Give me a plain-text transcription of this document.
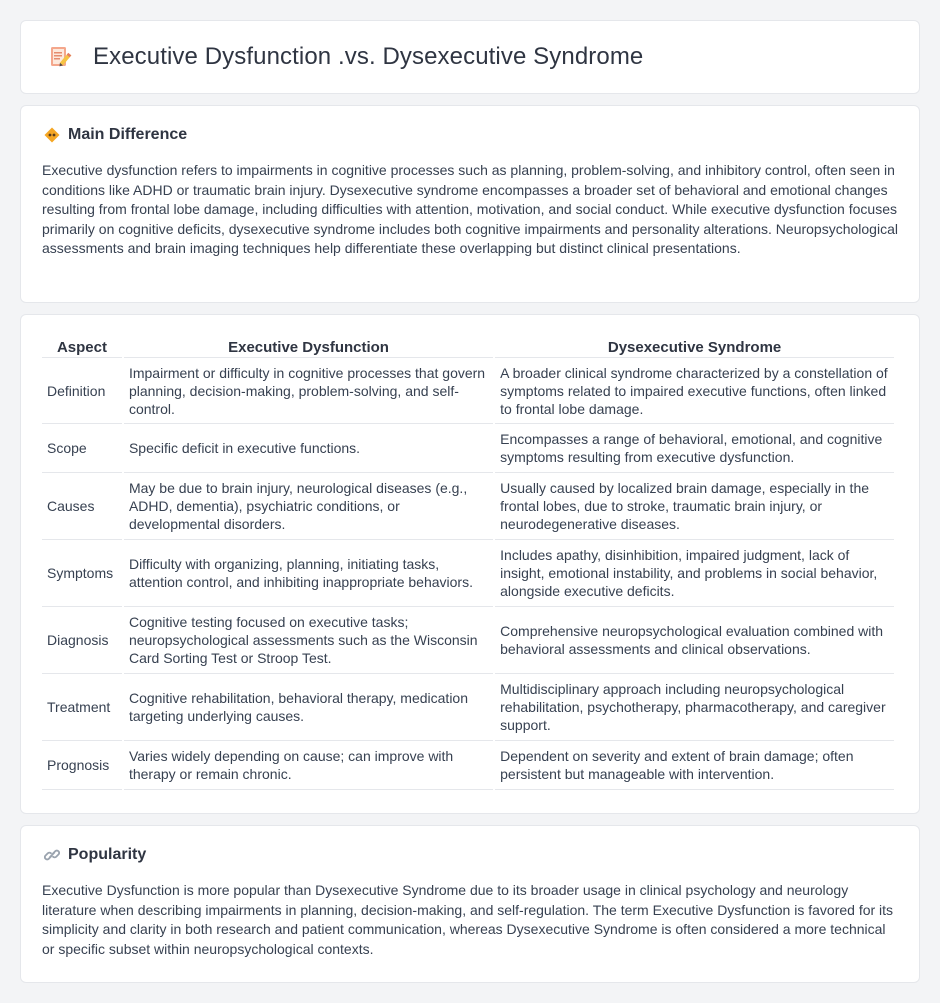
Executive Dysfunction .vs. Dysexecutive Syndrome
Main Difference

Executive dysfunction refers to impairments in cognitive processes such as planning, problem-solving, and inhibitory control, often seen in conditions like ADHD or traumatic brain injury. Dysexecutive syndrome encompasses a broader set of behavioral and emotional changes resulting from frontal lobe damage, including difficulties with attention, motivation, and social conduct. While executive dysfunction focuses primarily on cognitive deficits, dysexecutive syndrome includes both cognitive impairments and personality alterations. Neuropsychological assessments and brain imaging techniques help differentiate these overlapping but distinct clinical presentations.

Aspect	Executive Dysfunction	Dysexecutive Syndrome
Definition	Impairment or difficulty in cognitive processes that govern planning, decision-making, problem-solving, and self-control.	A broader clinical syndrome characterized by a constellation of symptoms related to impaired executive functions, often linked to frontal lobe damage.
Scope	Specific deficit in executive functions.	Encompasses a range of behavioral, emotional, and cognitive symptoms resulting from executive dysfunction.
Causes	May be due to brain injury, neurological diseases (e.g., ADHD, dementia), psychiatric conditions, or developmental disorders.	Usually caused by localized brain damage, especially in the frontal lobes, due to stroke, traumatic brain injury, or neurodegenerative diseases.
Symptoms	Difficulty with organizing, planning, initiating tasks, attention control, and inhibiting inappropriate behaviors.	Includes apathy, disinhibition, impaired judgment, lack of insight, emotional instability, and problems in social behavior, alongside executive deficits.
Diagnosis	Cognitive testing focused on executive tasks; neuropsychological assessments such as the Wisconsin Card Sorting Test or Stroop Test.	Comprehensive neuropsychological evaluation combined with behavioral assessments and clinical observations.
Treatment	Cognitive rehabilitation, behavioral therapy, medication targeting underlying causes.	Multidisciplinary approach including neuropsychological rehabilitation, psychotherapy, pharmacotherapy, and caregiver support.
Prognosis	Varies widely depending on cause; can improve with therapy or remain chronic.	Dependent on severity and extent of brain damage; often persistent but manageable with intervention.
Popularity

Executive Dysfunction is more popular than Dysexecutive Syndrome due to its broader usage in clinical psychology and neurology literature when describing impairments in planning, decision-making, and self-regulation. The term Executive Dysfunction is favored for its simplicity and clarity in both research and patient communication, whereas Dysexecutive Syndrome is often considered a more technical or specific subset within neuropsychological contexts.
